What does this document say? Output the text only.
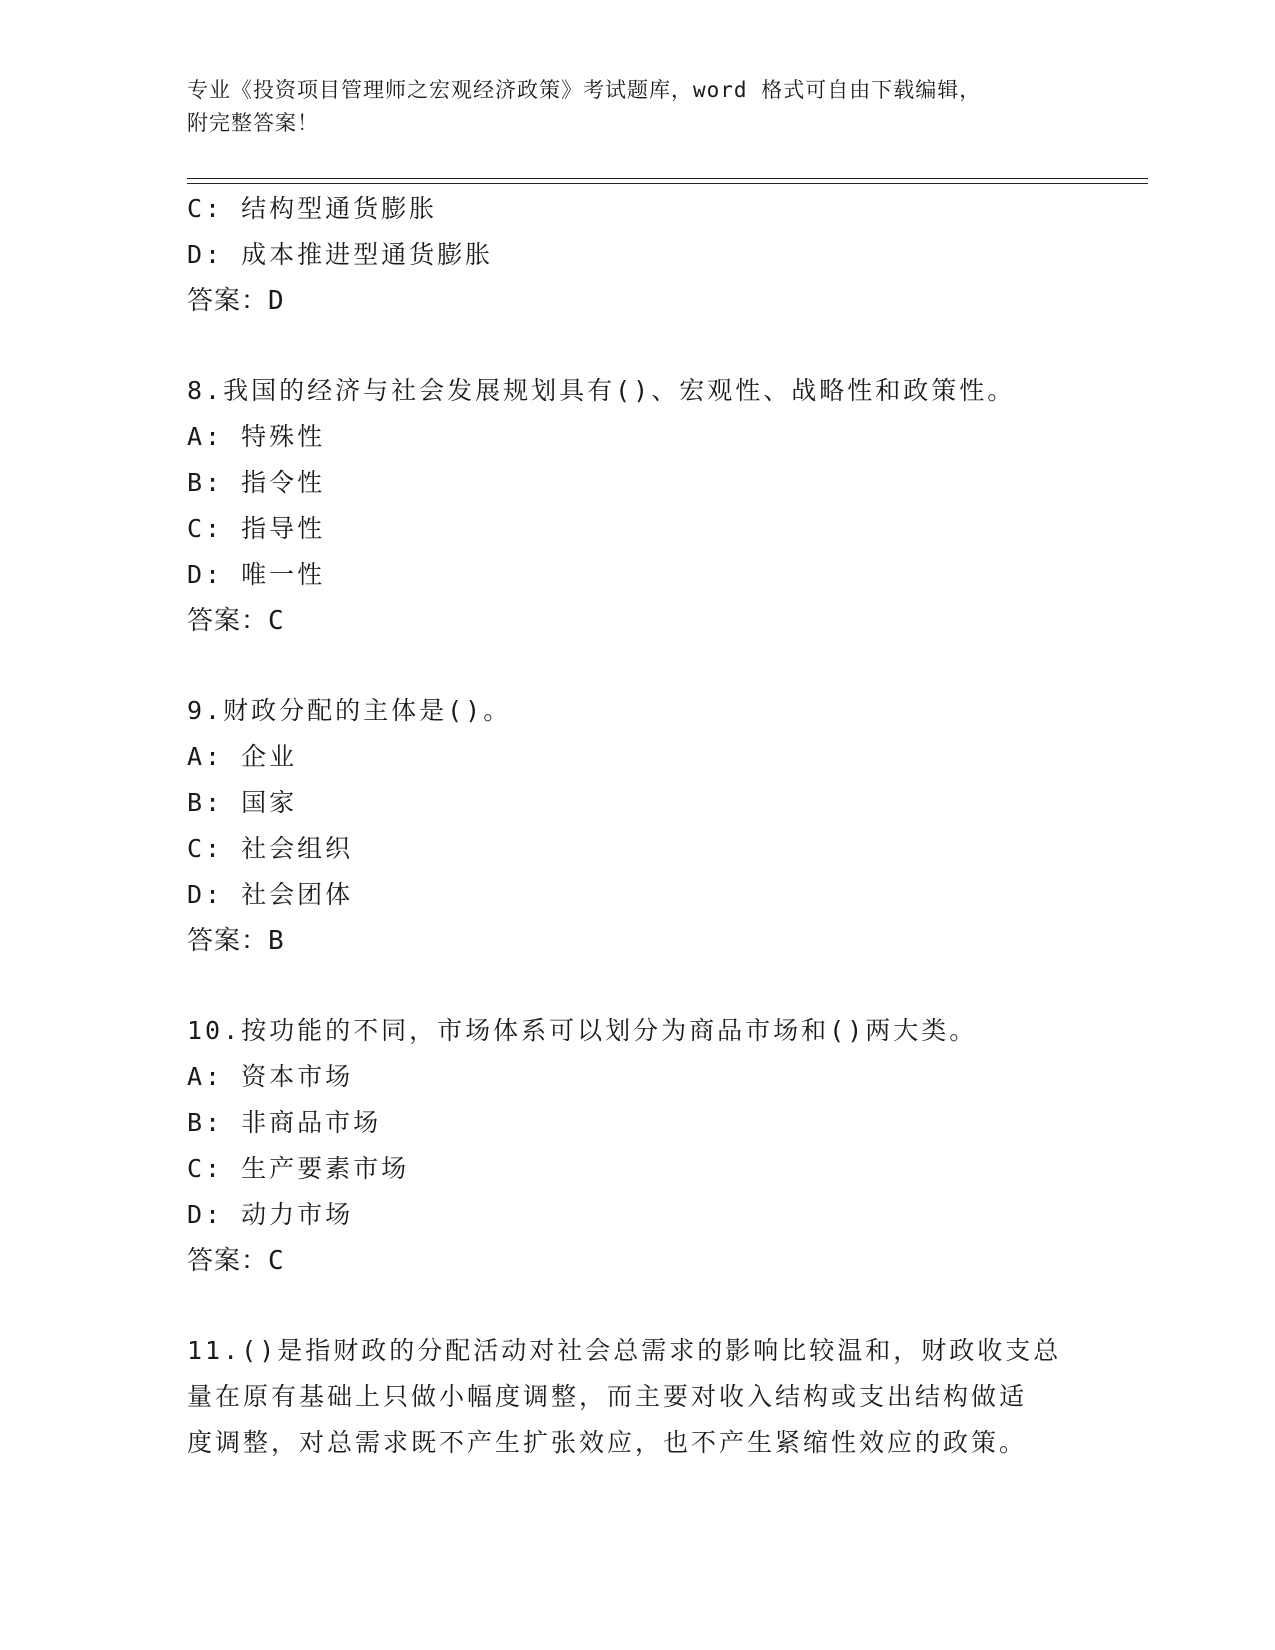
专业《投资项目管理师之宏观经济政策》考试题库，word 格式可自由下载编辑，
附完整答案！
C: 结构型通货膨胀
D: 成本推进型通货膨胀
答案：D
8.我国的经济与社会发展规划具有()、宏观性、战略性和政策性。
A: 特殊性
B: 指令性
C: 指导性
D: 唯一性
答案：C
9.财政分配的主体是()。
A: 企业
B: 国家
C: 社会组织
D: 社会团体
答案：B
10.按功能的不同，市场体系可以划分为商品市场和()两大类。
A: 资本市场
B: 非商品市场
C: 生产要素市场
D: 动力市场
答案：C
11.()是指财政的分配活动对社会总需求的影响比较温和，财政收支总
量在原有基础上只做小幅度调整，而主要对收入结构或支出结构做适
度调整，对总需求既不产生扩张效应，也不产生紧缩性效应的政策。
